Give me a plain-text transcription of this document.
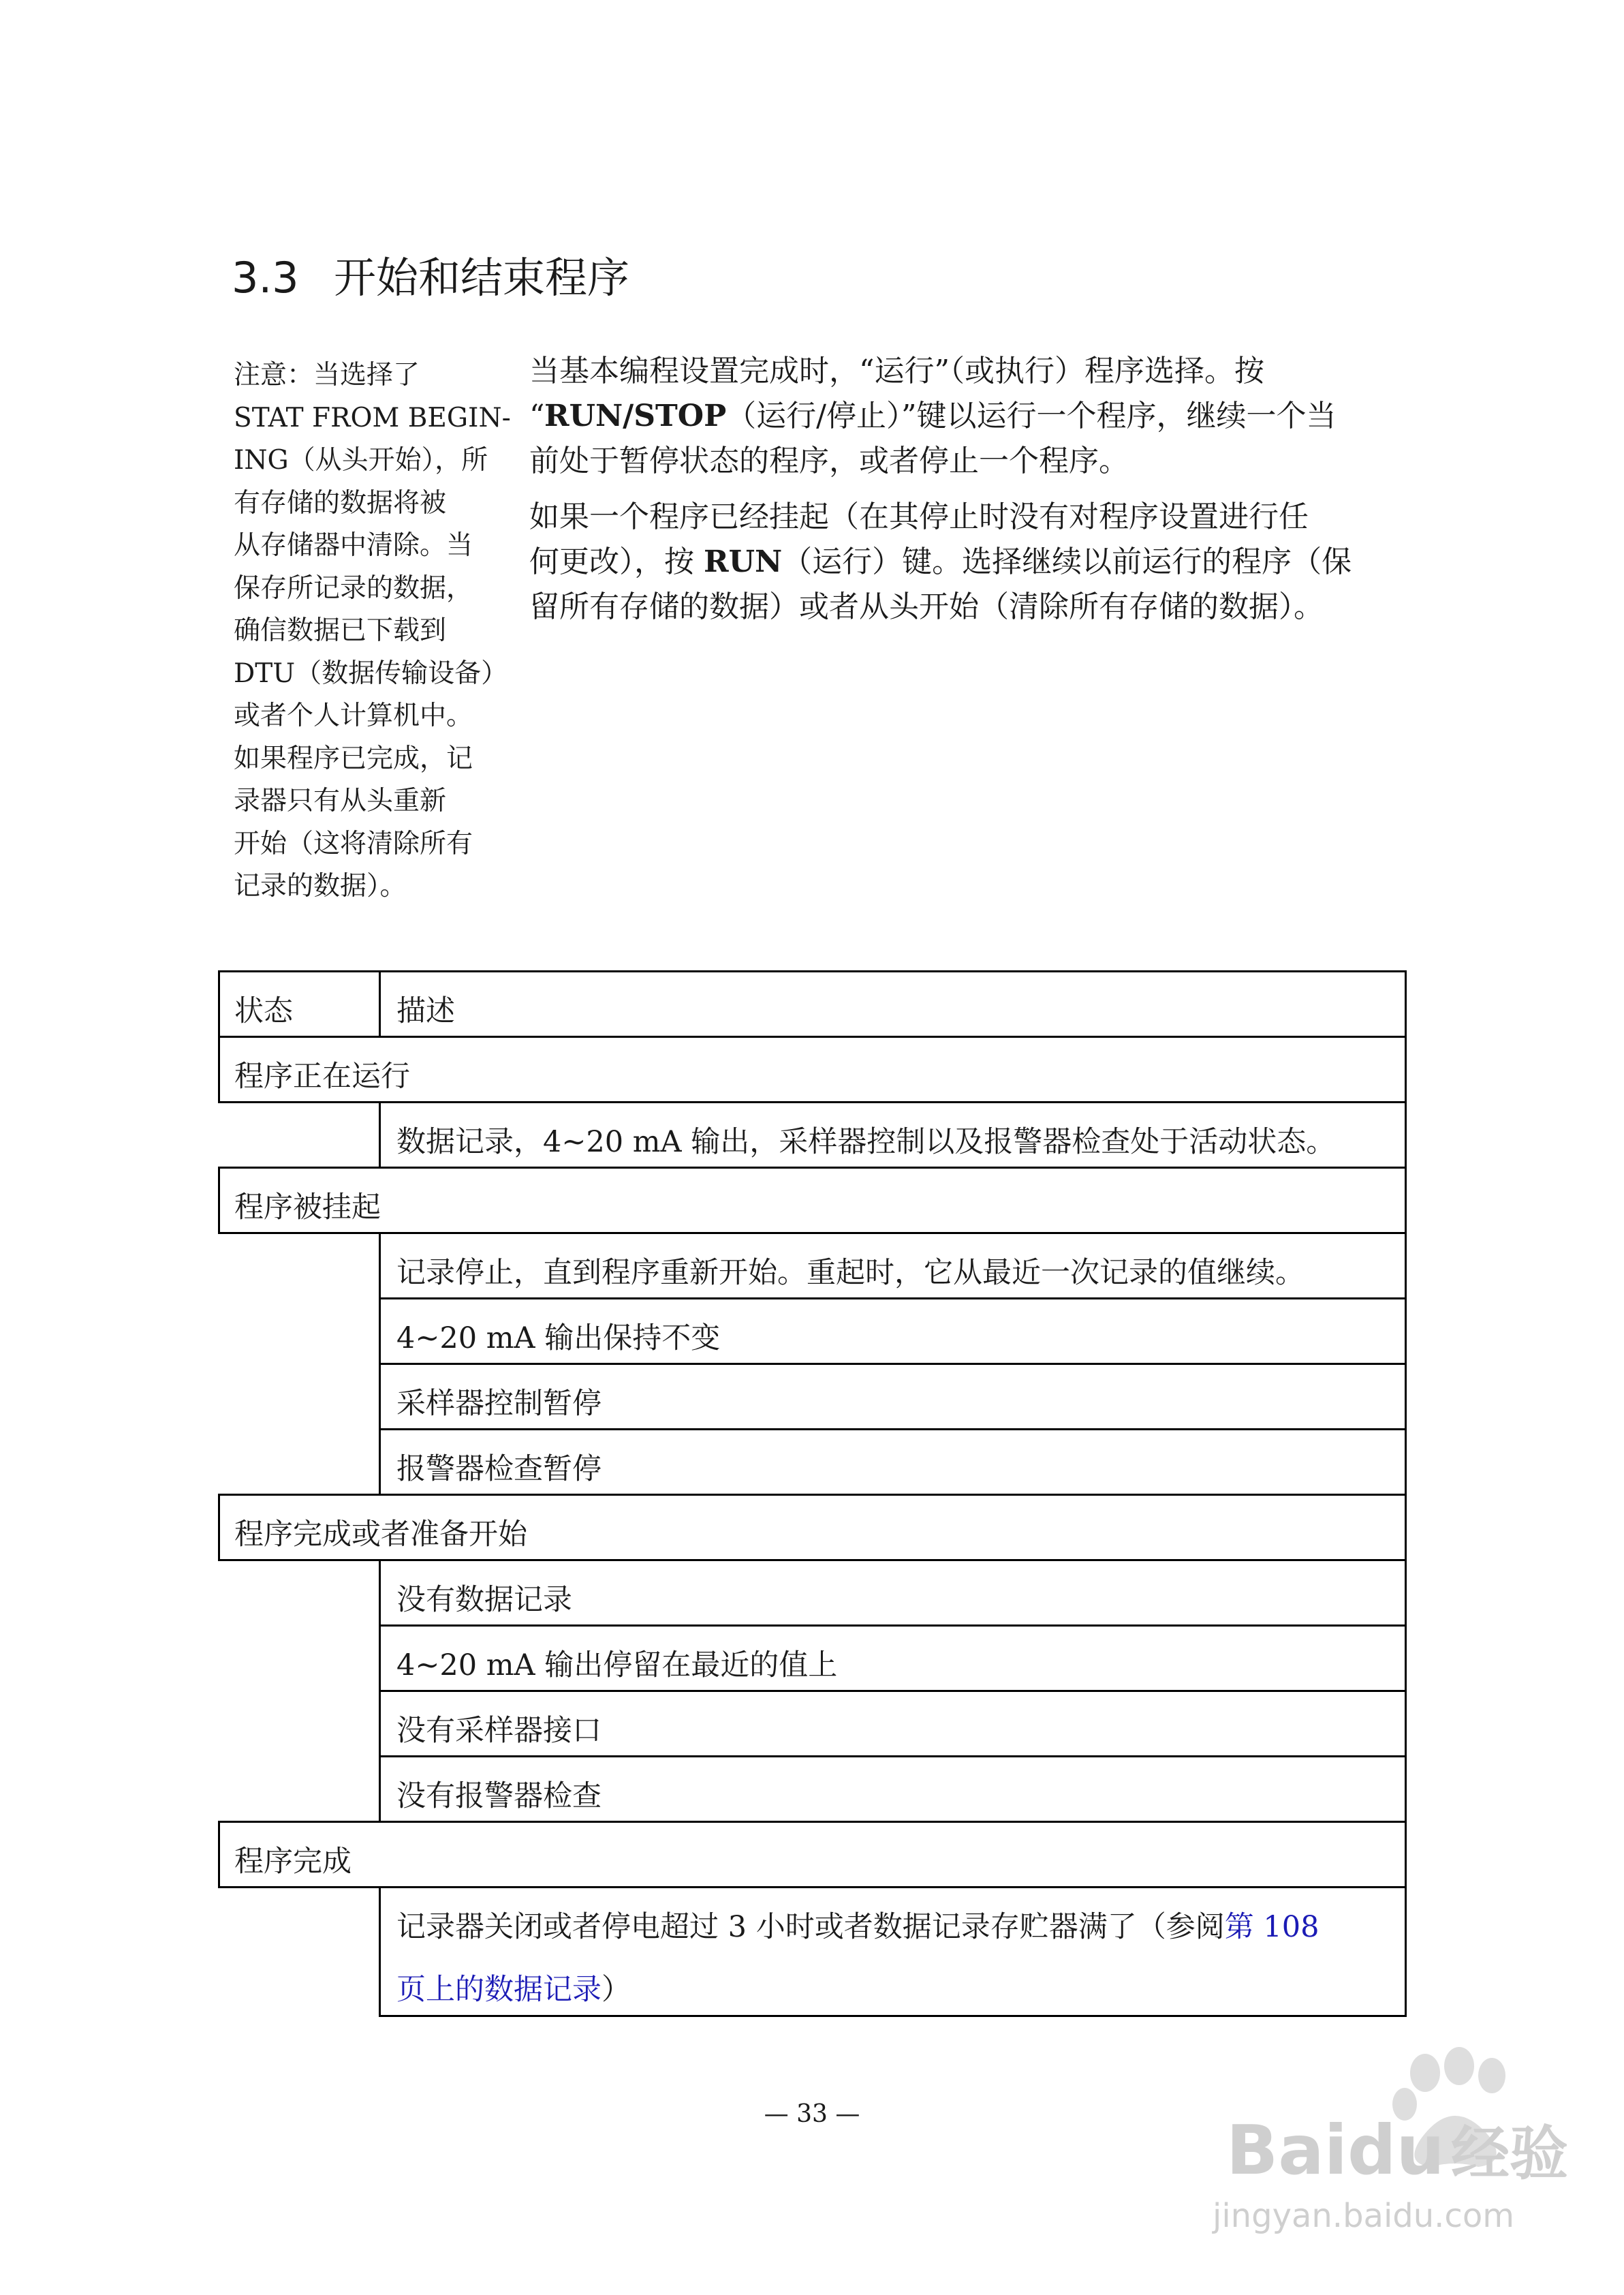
3.3 开始和结束程序
注意：当选择了
STAT FROM BEGIN-
ING（从头开始），所
有存储的数据将被
从存储器中清除。当
保存所记录的数据，
确信数据已下载到
DTU（数据传输设备）
或者个人计算机中。
如果程序已完成，记
录器只有从头重新
开始（这将清除所有
记录的数据）。

当基本编程设置完成时，“运行”（或执行）程序选择。按
“RUN/STOP（运行/停止）”键以运行一个程序，继续一个当
前处于暂停状态的程序，或者停止一个程序。

如果一个程序已经挂起（在其停止时没有对程序设置进行任
何更改），按 RUN（运行）键。选择继续以前运行的程序（保
留所有存储的数据）或者从头开始（清除所有存储的数据）。

状态	描述
程序正在运行
数据记录，4~20 mA 输出，采样器控制以及报警器检查处于活动状态。
程序被挂起
记录停止，直到程序重新开始。重起时，它从最近一次记录的值继续。
4~20 mA 输出保持不变
采样器控制暂停
报警器检查暂停
程序完成或者准备开始
没有数据记录
4~20 mA 输出停留在最近的值上
没有采样器接口
没有报警器检查
程序完成
记录器关闭或者停电超过 3 小时或者数据记录存贮器满了（参阅第 108
页上的数据记录）
— 33 —	Baidu 经验
jingyan.baidu.com
